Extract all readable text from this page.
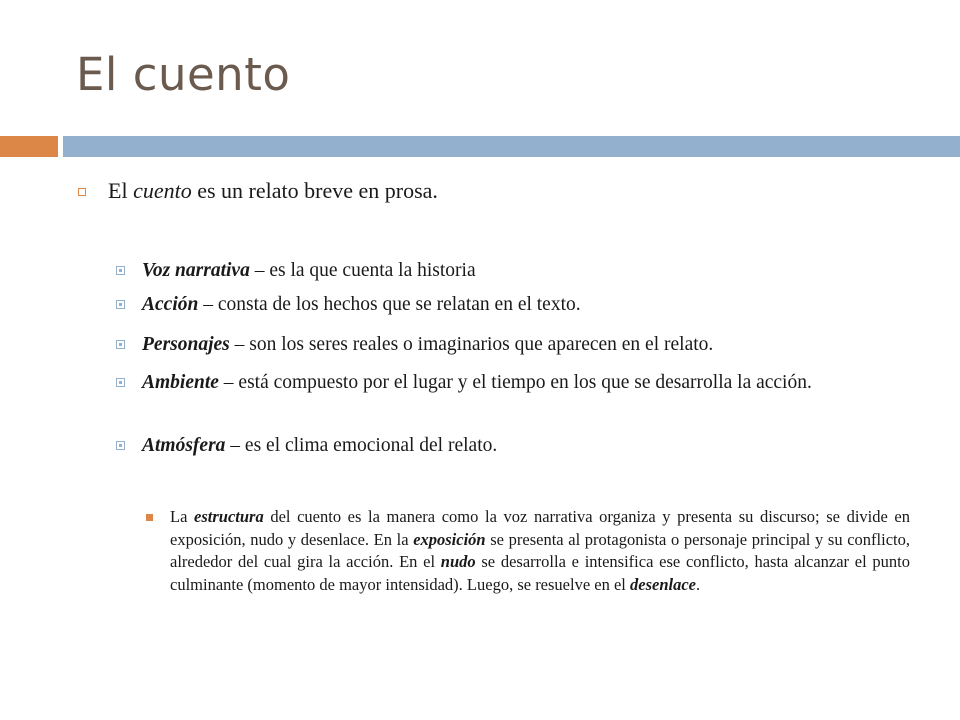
El cuento
El cuento es un relato breve en prosa.
Voz narrativa – es la que cuenta la historia
Acción – consta de los hechos que se relatan en el texto.
Personajes – son los seres reales o imaginarios que aparecen en el relato.
Ambiente – está compuesto por el lugar y el tiempo en los que se desarrolla la acción.
Atmósfera – es el clima emocional del relato.
La estructura del cuento es la manera como la voz narrativa organiza y presenta su discurso; se divide en exposición, nudo y desenlace. En la exposición se presenta al protagonista o personaje principal y su conflicto, alrededor del cual gira la acción. En el nudo se desarrolla e intensifica ese conflicto, hasta alcanzar el punto culminante (momento de mayor intensidad). Luego, se resuelve en el desenlace.
